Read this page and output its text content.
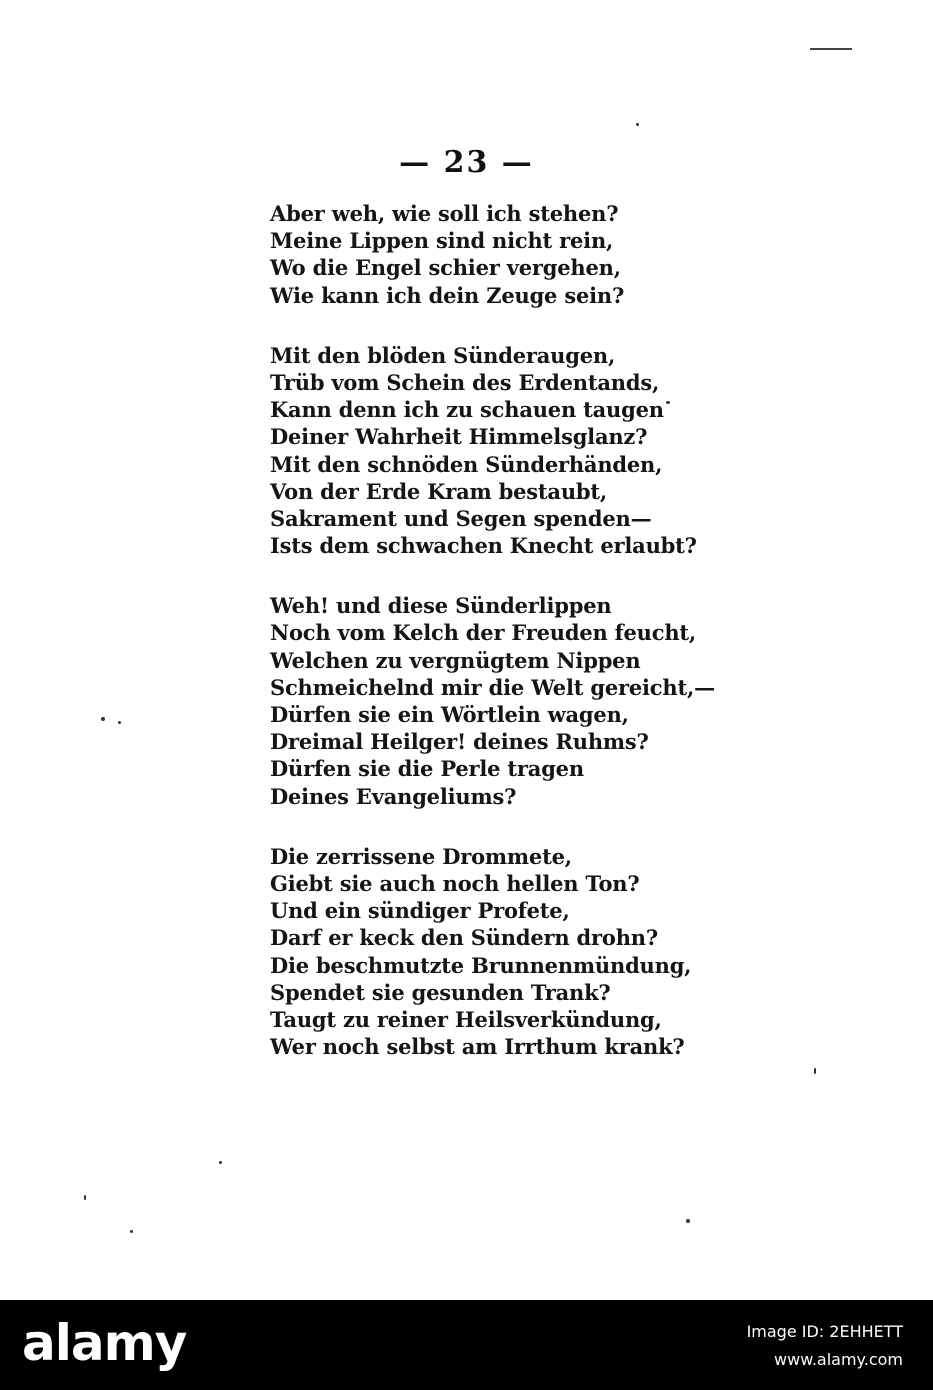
— 23 —
Aber weh, wie soll ich stehen?
Meine Lippen sind nicht rein,
Wo die Engel schier vergehen,
Wie kann ich dein Zeuge sein?
Mit den blöden Sünderaugen,
Trüb vom Schein des Erdentands,
Kann denn ich zu schauen taugen
Deiner Wahrheit Himmelsglanz?
Mit den schnöden Sünderhänden,
Von der Erde Kram bestaubt,
Sakrament und Segen spenden—
Ists dem schwachen Knecht erlaubt?
Weh! und diese Sünderlippen
Noch vom Kelch der Freuden feucht,
Welchen zu vergnügtem Nippen
Schmeichelnd mir die Welt gereicht,—
Dürfen sie ein Wörtlein wagen,
Dreimal Heilger! deines Ruhms?
Dürfen sie die Perle tragen
Deines Evangeliums?
Die zerrissene Drommete,
Giebt sie auch noch hellen Ton?
Und ein sündiger Profete,
Darf er keck den Sündern drohn?
Die beschmutzte Brunnenmündung,
Spendet sie gesunden Trank?
Taugt zu reiner Heilsverkündung,
Wer noch selbst am Irrthum krank?
alamy	Image ID: 2EHHETT
www.alamy.com
